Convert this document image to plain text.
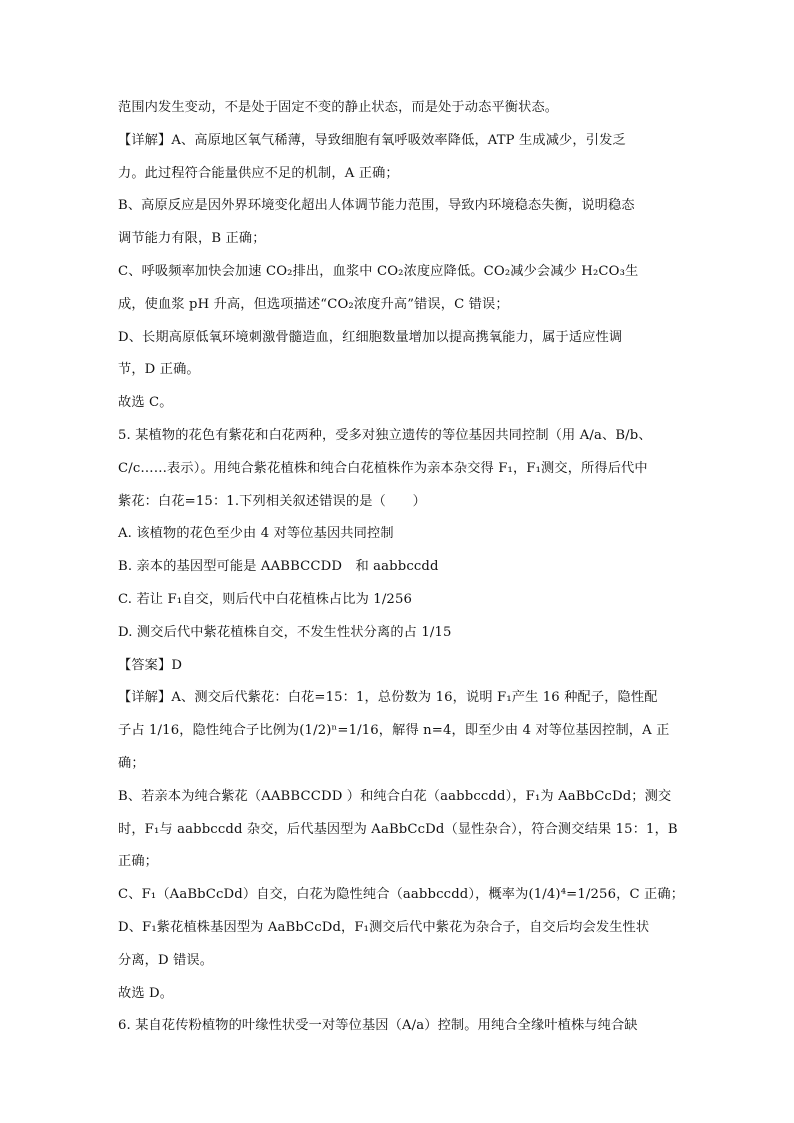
范围内发生变动，不是处于固定不变的静止状态，而是处于动态平衡状态。
【详解】A、高原地区氧气稀薄，导致细胞有氧呼吸效率降低，ATP 生成减少，引发乏
力。此过程符合能量供应不足的机制，A 正确；
B、高原反应是因外界环境变化超出人体调节能力范围，导致内环境稳态失衡，说明稳态
调节能力有限，B 正确；
C、呼吸频率加快会加速 CO₂排出，血浆中 CO₂浓度应降低。CO₂减少会减少 H₂CO₃生
成，使血浆 pH 升高，但选项描述“CO₂浓度升高”错误，C 错误；
D、长期高原低氧环境刺激骨髓造血，红细胞数量增加以提高携氧能力，属于适应性调
节，D 正确。
故选 C。
5. 某植物的花色有紫花和白花两种，受多对独立遗传的等位基因共同控制（用 A/a、B/b、
C/c……表示）。用纯合紫花植株和纯合白花植株作为亲本杂交得 F₁，F₁测交，所得后代中
紫花：白花=15：1.下列相关叙述错误的是（　　）
A. 该植物的花色至少由 4 对等位基因共同控制
B. 亲本的基因型可能是 AABBCCDD　和 aabbccdd
C. 若让 F₁自交，则后代中白花植株占比为 1/256
D. 测交后代中紫花植株自交，不发生性状分离的占 1/15
【答案】D
【详解】A、测交后代紫花：白花=15：1，总份数为 16，说明 F₁产生 16 种配子，隐性配
子占 1/16，隐性纯合子比例为(1/2)ⁿ=1/16，解得 n=4，即至少由 4 对等位基因控制，A 正
确；
B、若亲本为纯合紫花（AABBCCDD ）和纯合白花（aabbccdd），F₁为 AaBbCcDd；测交
时，F₁与 aabbccdd 杂交，后代基因型为 AaBbCcDd（显性杂合），符合测交结果 15：1，B
正确；
C、F₁（AaBbCcDd）自交，白花为隐性纯合（aabbccdd），概率为(1/4)⁴=1/256，C 正确；
D、F₁紫花植株基因型为 AaBbCcDd，F₁测交后代中紫花为杂合子，自交后均会发生性状
分离，D 错误。
故选 D。
6. 某自花传粉植物的叶缘性状受一对等位基因（A/a）控制。用纯合全缘叶植株与纯合缺
